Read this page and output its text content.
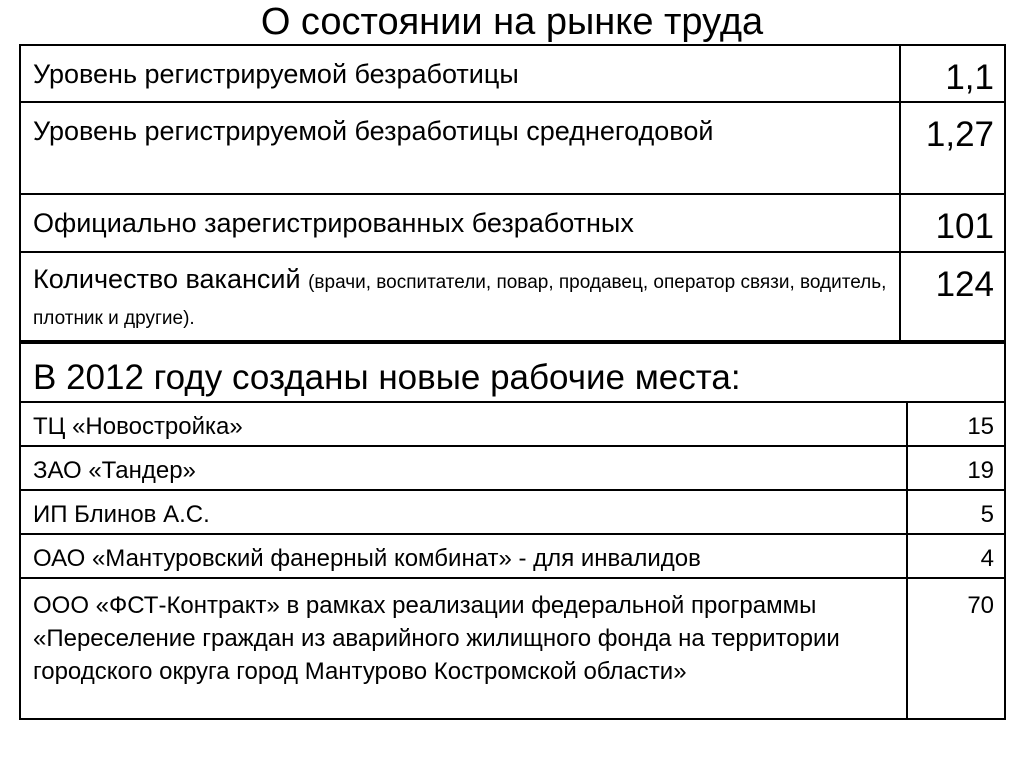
О состоянии на рынке труда
Уровень регистрируемой безработицы	1,1
Уровень регистрируемой безработицы среднегодовой	1,27
Официально зарегистрированных безработных	101
Количество вакансий (врачи, воспитатели, повар, продавец, оператор связи, водитель, плотник и другие).	124
В 2012 году созданы новые рабочие места:	
ТЦ «Новостройка»	15
ЗАО «Тандер»	19
ИП Блинов А.С.	5
ОАО «Мантуровский фанерный комбинат» - для инвалидов	4
ООО «ФСТ-Контракт» в рамках реализации федеральной программы «Переселение граждан из аварийного жилищного фонда на территории городского округа город Мантурово Костромской области»	70
